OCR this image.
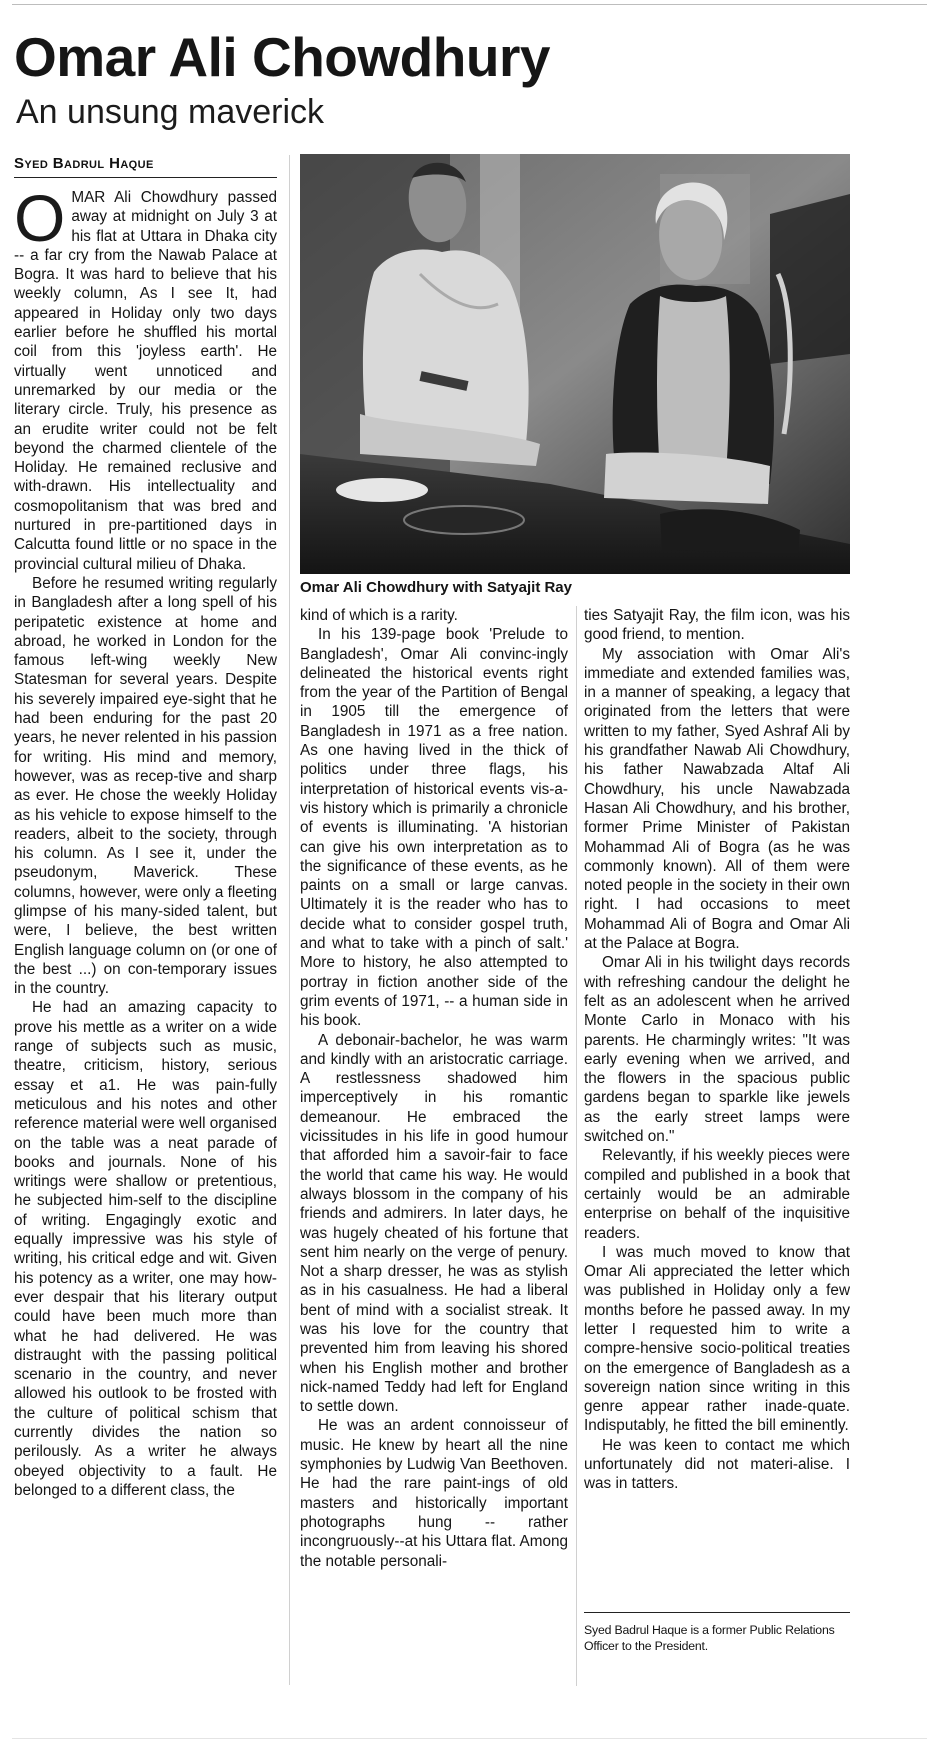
Omar Ali Chowdhury
An unsung maverick
Syed Badrul Haque

OMAR Ali Chowdhury passed away at midnight on July 3 at his flat at Uttara in Dhaka city -- a far cry from the Nawab Palace at Bogra. It was hard to believe that his weekly column, As I see It, had appeared in Holiday only two days earlier before he shuffled his mortal coil from this 'joyless earth'. He virtually went unnoticed and unremarked by our media or the literary circle. Truly, his presence as an erudite writer could not be felt beyond the charmed clientele of the Holiday. He remained reclusive and with-drawn. His intellectuality and cosmopolitanism that was bred and nurtured in pre-partitioned days in Calcutta found little or no space in the provincial cultural milieu of Dhaka.

Before he resumed writing regularly in Bangladesh after a long spell of his peripatetic existence at home and abroad, he worked in London for the famous left-wing weekly New Statesman for several years. Despite his severely impaired eye-sight that he had been enduring for the past 20 years, he never relented in his passion for writing. His mind and memory, however, was as recep-tive and sharp as ever. He chose the weekly Holiday as his vehicle to expose himself to the readers, albeit to the society, through his column. As I see it, under the pseudonym, Maverick. These columns, however, were only a fleeting glimpse of his many-sided talent, but were, I believe, the best written English language column on (or one of the best ...) on con-temporary issues in the country.

He had an amazing capacity to prove his mettle as a writer on a wide range of subjects such as music, theatre, criticism, history, serious essay et a1. He was pain-fully meticulous and his notes and other reference material were well organised on the table was a neat parade of books and journals. None of his writings were shallow or pretentious, he subjected him-self to the discipline of writing. Engagingly exotic and equally impressive was his style of writing, his critical edge and wit. Given his potency as a writer, one may how-ever despair that his literary output could have been much more than what he had delivered. He was distraught with the passing political scenario in the country, and never allowed his outlook to be frosted with the culture of political schism that currently divides the nation so perilously. As a writer he always obeyed objectivity to a fault. He belonged to a different class, the

Omar Ali Chowdhury with Satyajit Ray

kind of which is a rarity.

In his 139-page book 'Prelude to Bangladesh', Omar Ali convinc-ingly delineated the historical events right from the year of the Partition of Bengal in 1905 till the emergence of Bangladesh in 1971 as a free nation. As one having lived in the thick of politics under three flags, his interpretation of historical events vis-a-vis history which is primarily a chronicle of events is illuminating. 'A historian can give his own interpretation as to the significance of these events, as he paints on a small or large canvas. Ultimately it is the reader who has to decide what to consider gospel truth, and what to take with a pinch of salt.' More to history, he also attempted to portray in fiction another side of the grim events of 1971, -- a human side in his book.

A debonair-bachelor, he was warm and kindly with an aristocratic carriage. A restlessness shadowed him imperceptively in his romantic demeanour. He embraced the vicissitudes in his life in good humour that afforded him a savoir-fair to face the world that came his way. He would always blossom in the company of his friends and admirers. In later days, he was hugely cheated of his fortune that sent him nearly on the verge of penury. Not a sharp dresser, he was as stylish as in his casualness. He had a liberal bent of mind with a socialist streak. It was his love for the country that prevented him from leaving his shored when his English mother and brother nick-named Teddy had left for England to settle down.

He was an ardent connoisseur of music. He knew by heart all the nine symphonies by Ludwig Van Beethoven. He had the rare paint-ings of old masters and historically important photographs hung -- rather incongruously--at his Uttara flat. Among the notable personali-

ties Satyajit Ray, the film icon, was his good friend, to mention.

My association with Omar Ali's immediate and extended families was, in a manner of speaking, a legacy that originated from the letters that were written to my father, Syed Ashraf Ali by his grandfather Nawab Ali Chowdhury, his father Nawabzada Altaf Ali Chowdhury, his uncle Nawabzada Hasan Ali Chowdhury, and his brother, former Prime Minister of Pakistan Mohammad Ali of Bogra (as he was commonly known). All of them were noted people in the society in their own right. I had occasions to meet Mohammad Ali of Bogra and Omar Ali at the Palace at Bogra.

Omar Ali in his twilight days records with refreshing candour the delight he felt as an adolescent when he arrived Monte Carlo in Monaco with his parents. He charmingly writes: "It was early evening when we arrived, and the flowers in the spacious public gardens began to sparkle like jewels as the early street lamps were switched on."

Relevantly, if his weekly pieces were compiled and published in a book that certainly would be an admirable enterprise on behalf of the inquisitive readers.

I was much moved to know that Omar Ali appreciated the letter which was published in Holiday only a few months before he passed away. In my letter I requested him to write a compre-hensive socio-political treaties on the emergence of Bangladesh as a sovereign nation since writing in this genre appear rather inade-quate. Indisputably, he fitted the bill eminently.

He was keen to contact me which unfortunately did not materi-alise. I was in tatters.

Syed Badrul Haque is a former Public Relations Officer to the President.
